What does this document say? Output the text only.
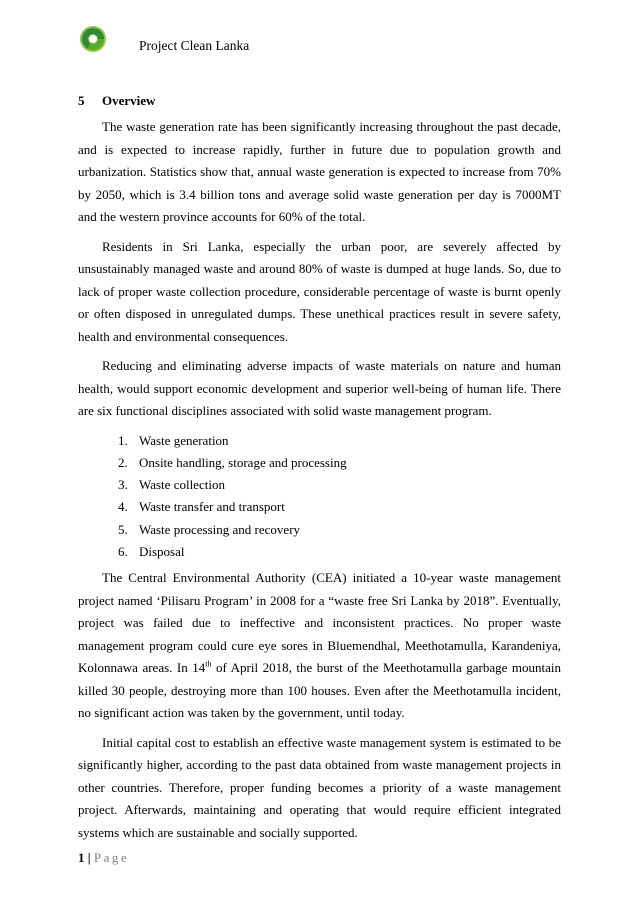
Project Clean Lanka
5	Overview

The waste generation rate has been significantly increasing throughout the past decade, and is expected to increase rapidly, further in future due to population growth and urbanization. Statistics show that, annual waste generation is expected to increase from 70% by 2050, which is 3.4 billion tons and average solid waste generation per day is 7000MT and the western province accounts for 60% of the total.

Residents in Sri Lanka, especially the urban poor, are severely affected by unsustainably managed waste and around 80% of waste is dumped at huge lands. So, due to lack of proper waste collection procedure, considerable percentage of waste is burnt openly or often disposed in unregulated dumps. These unethical practices result in severe safety, health and environmental consequences.

Reducing and eliminating adverse impacts of waste materials on nature and human health, would support economic development and superior well-being of human life. There are six functional disciplines associated with solid waste management program.

1. Waste generation
2. Onsite handling, storage and processing
3. Waste collection
4. Waste transfer and transport
5. Waste processing and recovery
6. Disposal

The Central Environmental Authority (CEA) initiated a 10-year waste management project named ‘Pilisaru Program’ in 2008 for a “waste free Sri Lanka by 2018”. Eventually, project was failed due to ineffective and inconsistent practices. No proper waste management program could cure eye sores in Bluemendhal, Meethotamulla, Karandeniya, Kolonnawa areas. In 14th of April 2018, the burst of the Meethotamulla garbage mountain killed 30 people, destroying more than 100 houses. Even after the Meethotamulla incident, no significant action was taken by the government, until today.

Initial capital cost to establish an effective waste management system is estimated to be significantly higher, according to the past data obtained from waste management projects in other countries. Therefore, proper funding becomes a priority of a waste management project. Afterwards, maintaining and operating that would require efficient integrated systems which are sustainable and socially supported.

1 | Page
